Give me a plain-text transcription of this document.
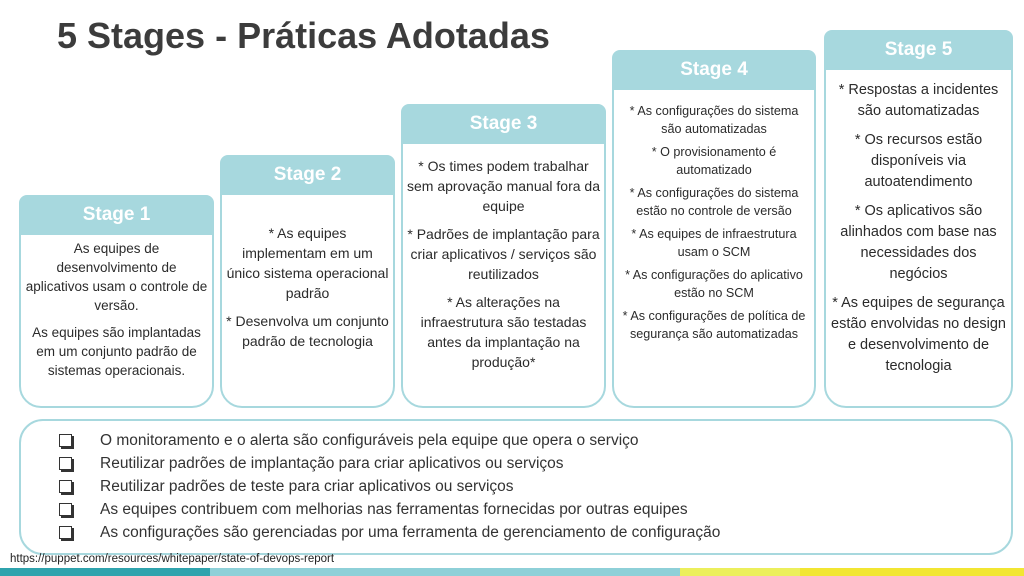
5 Stages - Práticas Adotadas
Stage 1

As equipes de desenvolvimento de aplicativos usam o controle de versão.

As equipes são implantadas em um conjunto padrão de sistemas operacionais.

Stage 2

* As equipes implementam em um único sistema operacional padrão

* Desenvolva um conjunto padrão de tecnologia

Stage 3

* Os times podem trabalhar sem aprovação manual fora da equipe

* Padrões de implantação para criar aplicativos / serviços são reutilizados

* As alterações na infraestrutura são testadas antes da implantação na produção*

Stage 4

* As configurações do sistema são automatizadas

* O provisionamento é automatizado

* As configurações do sistema estão no controle de versão

* As equipes de infraestrutura usam o SCM

* As configurações do aplicativo estão no SCM

* As configurações de política de segurança são automatizadas

Stage 5

* Respostas a incidentes são automatizadas

* Os recursos estão disponíveis via autoatendimento

* Os aplicativos são alinhados com base nas necessidades dos negócios

* As equipes de segurança estão envolvidas no design e desenvolvimento de tecnologia

O monitoramento e o alerta são configuráveis pela equipe que opera o serviço
Reutilizar padrões de implantação para criar aplicativos ou serviços
Reutilizar padrões de teste para criar aplicativos ou serviços
As equipes contribuem com melhorias nas ferramentas fornecidas por outras equipes
As configurações são gerenciadas por uma ferramenta de gerenciamento de configuração
https://puppet.com/resources/whitepaper/state-of-devops-report
